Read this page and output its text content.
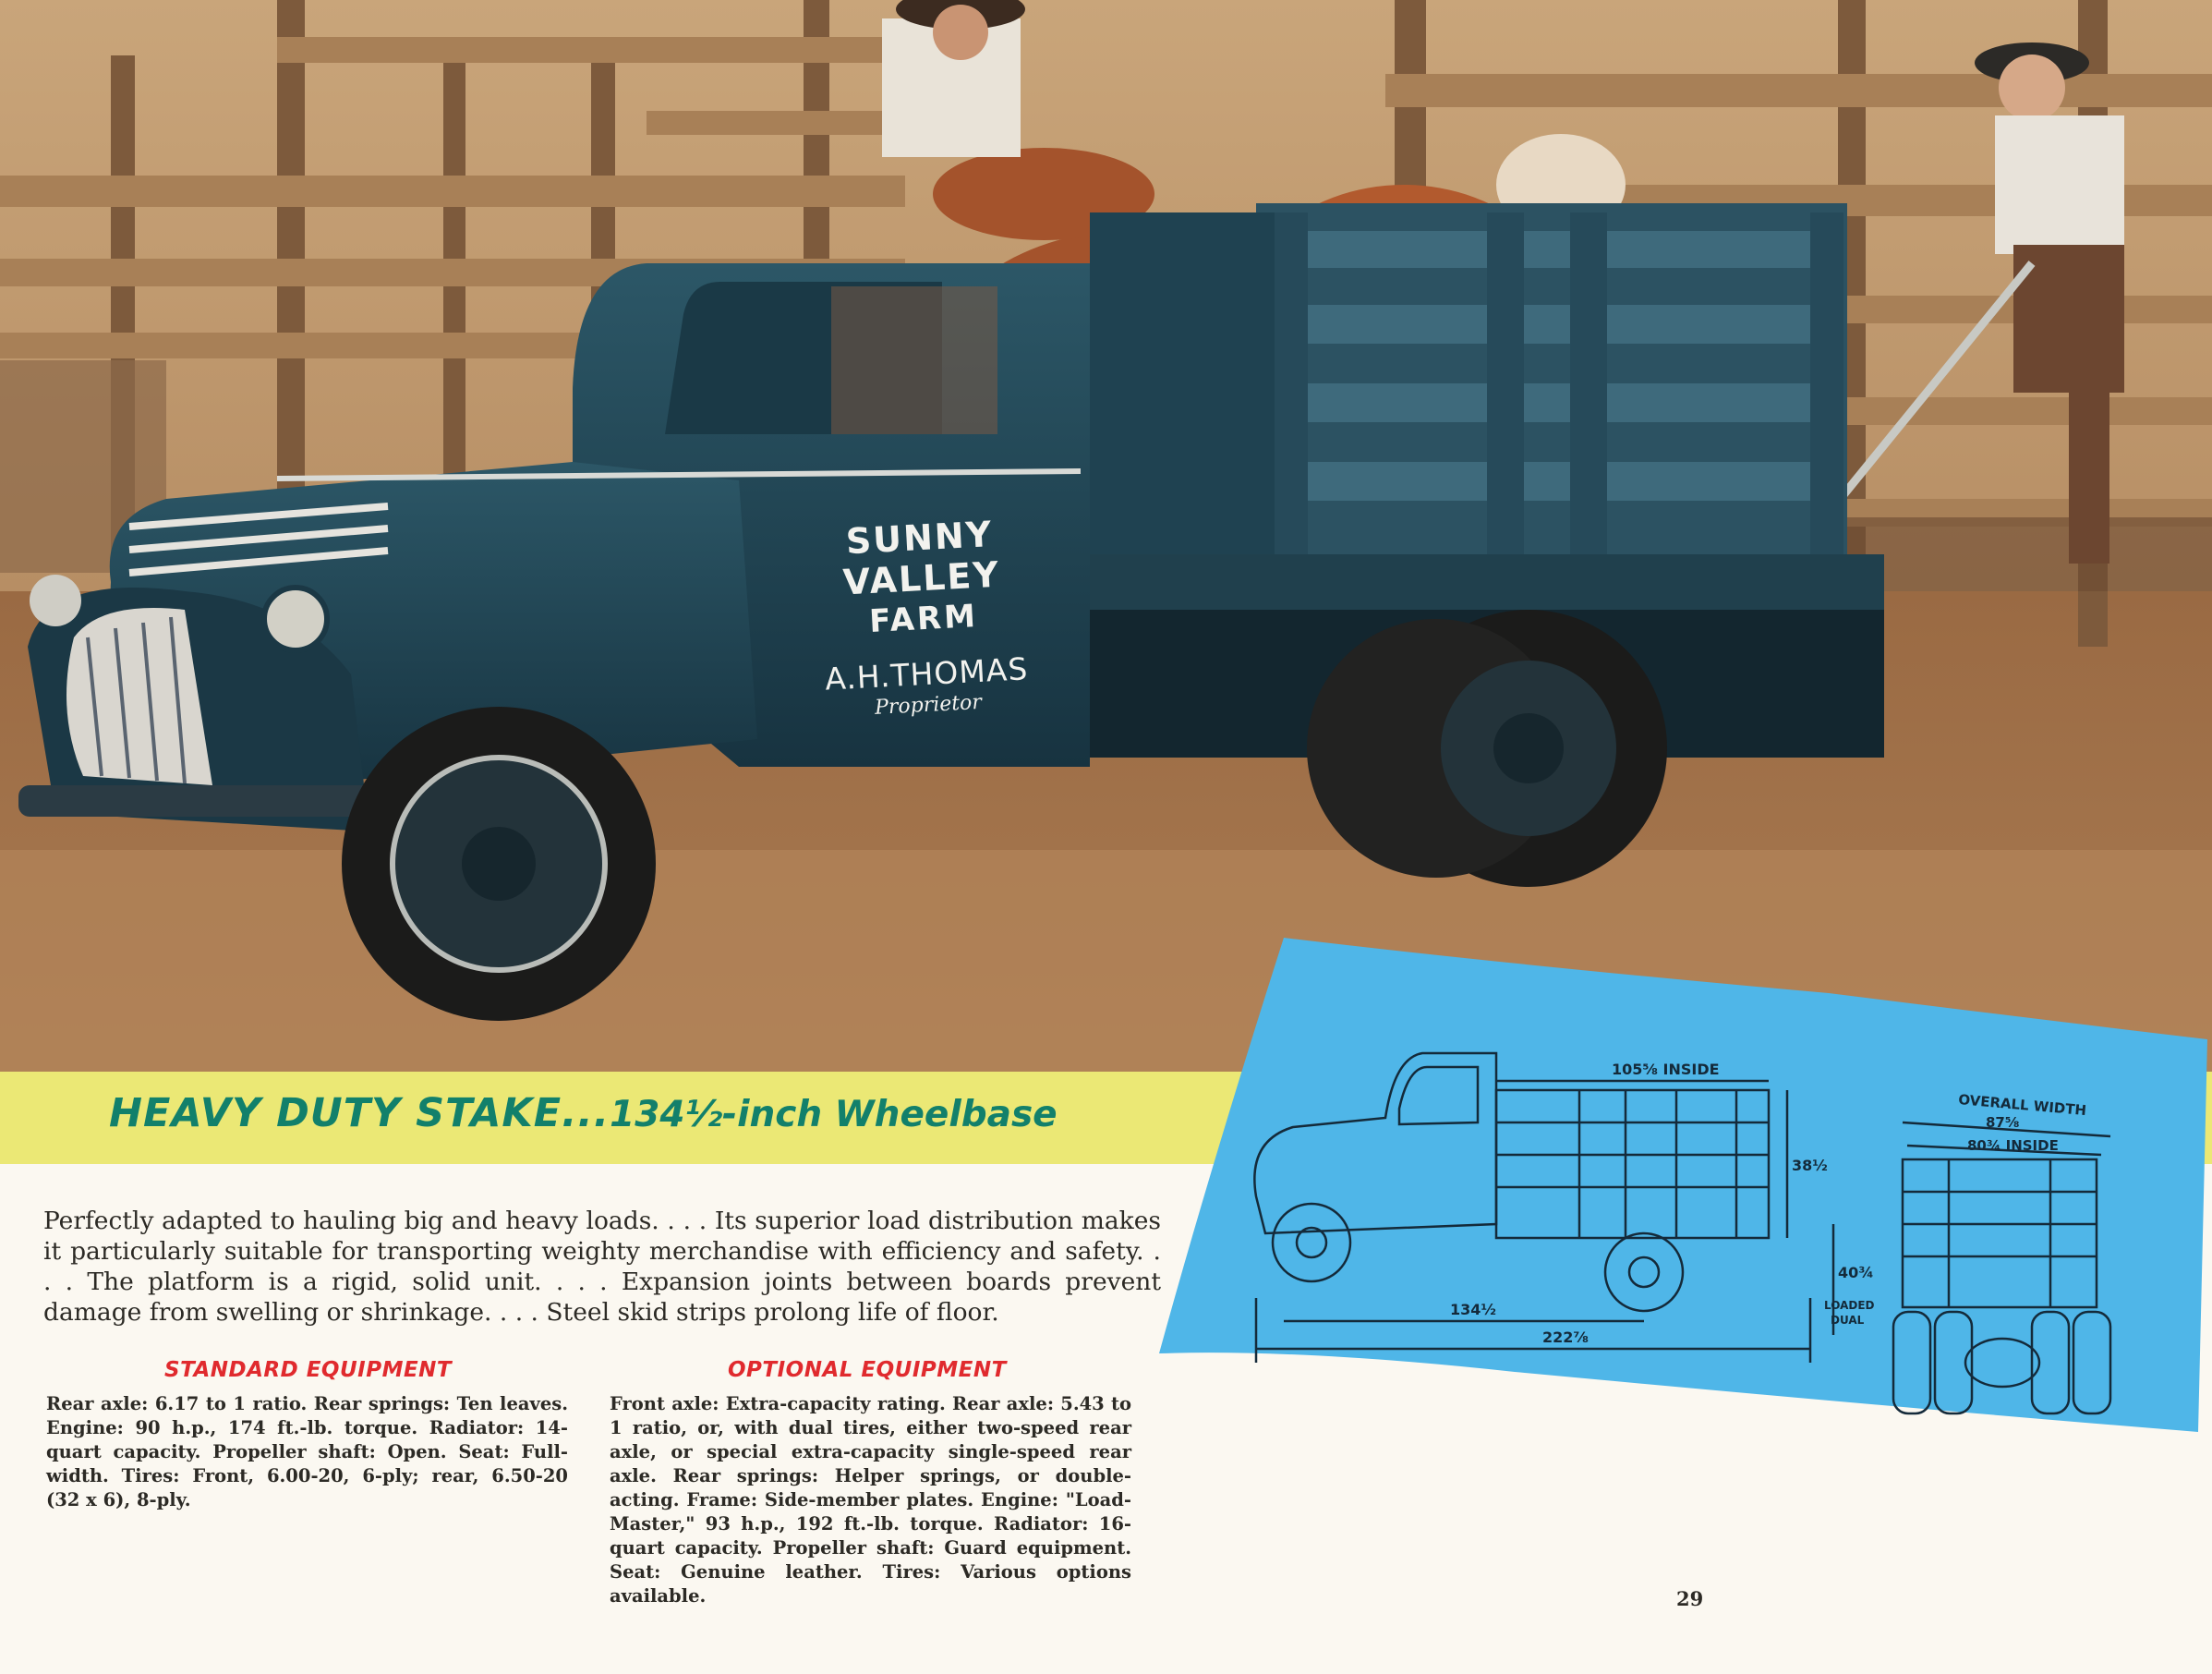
SUNNY VALLEY
FARM
A.H.THOMAS
Proprietor
HEAVY DUTY STAKE...134½-inch Wheelbase
105⅝ INSIDE
38½
134½
222⅞
40¾
LOADED
DUAL
OVERALL WIDTH
87⅝
80¾ INSIDE

Perfectly adapted to hauling big and heavy loads. . . . Its superior load distribution makes it particularly suitable for transporting weighty merchandise with efficiency and safety. . . . The platform is a rigid, solid unit. . . . Expansion joints between boards prevent damage from swelling or shrinkage. . . . Steel skid strips prolong life of floor.

STANDARD EQUIPMENT

Rear axle: 6.17 to 1 ratio. Rear springs: Ten leaves. Engine: 90 h.p., 174 ft.-lb. torque. Radiator: 14-quart capacity. Propeller shaft: Open. Seat: Full-width. Tires: Front, 6.00-20, 6-ply; rear, 6.50-20 (32 x 6), 8-ply.

OPTIONAL EQUIPMENT

Front axle: Extra-capacity rating. Rear axle: 5.43 to 1 ratio, or, with dual tires, either two-speed rear axle, or special extra-capacity single-speed rear axle. Rear springs: Helper springs, or double-acting. Frame: Side-member plates. Engine: "Load-Master," 93 h.p., 192 ft.-lb. torque. Radiator: 16-quart capacity. Propeller shaft: Guard equipment. Seat: Genuine leather. Tires: Various options available.	29
